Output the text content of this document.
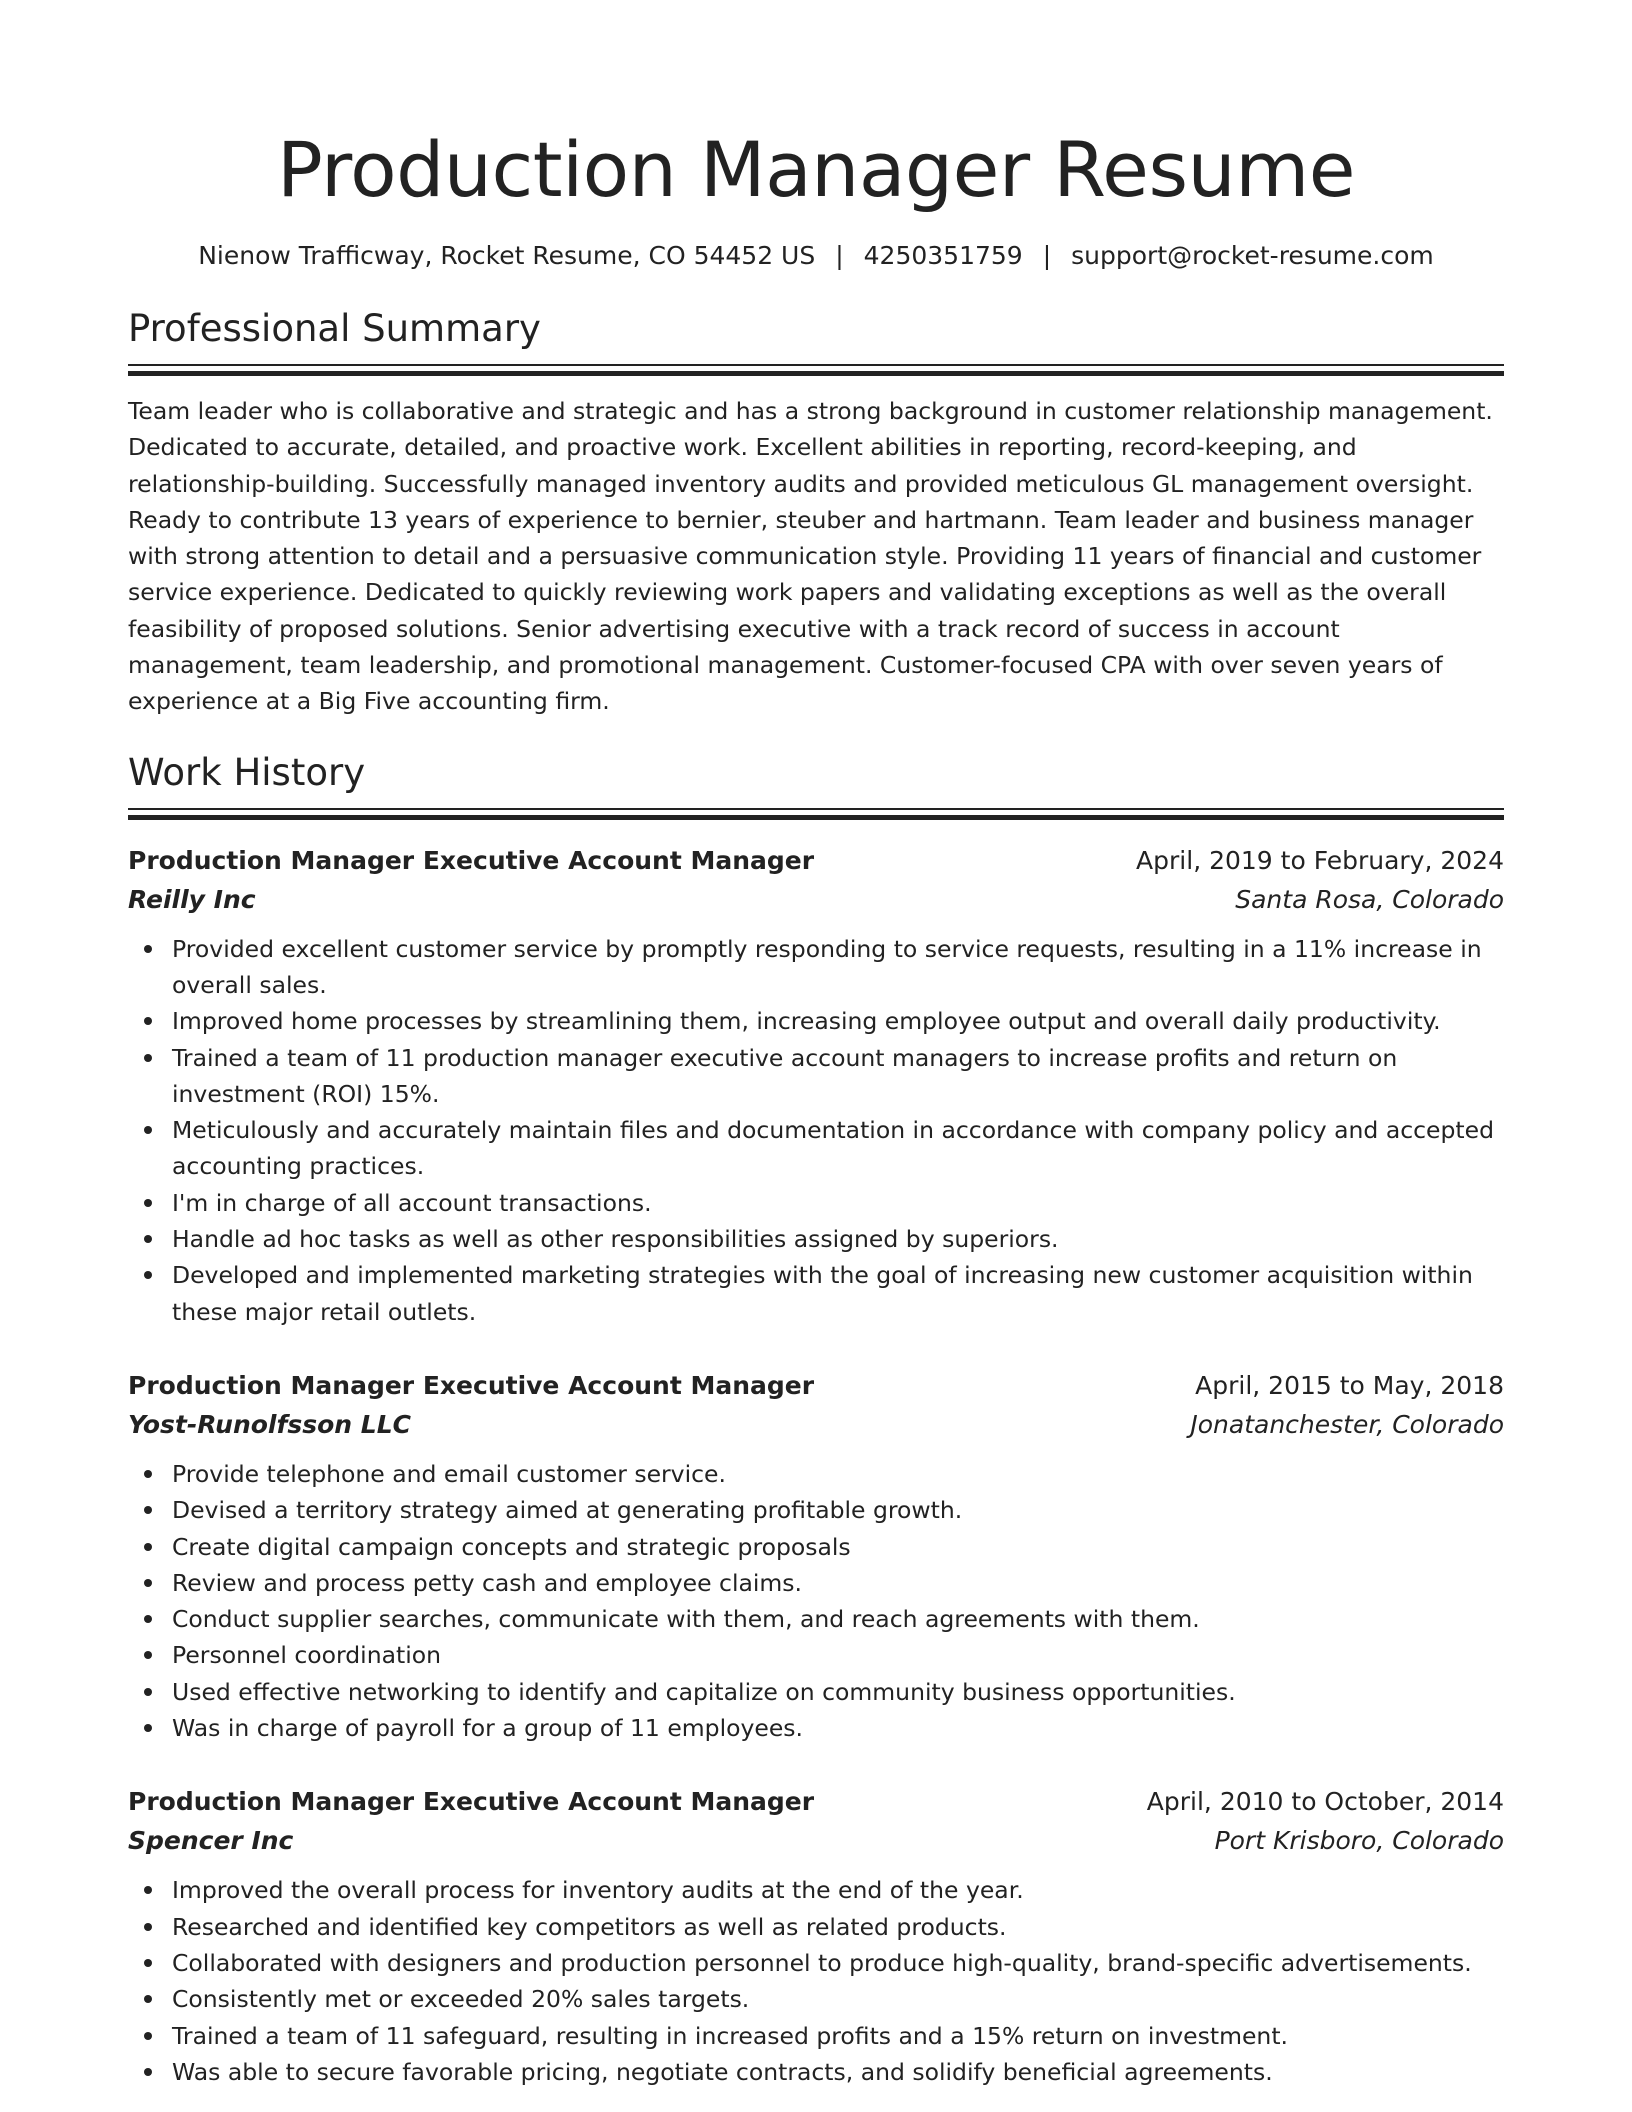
Production Manager Resume
Nienow Trafficway, Rocket Resume, CO 54452 US | 4250351759 | support@rocket-resume.com
Professional Summary

Team leader who is collaborative and strategic and has a strong background in customer relationship management. Dedicated to accurate, detailed, and proactive work. Excellent abilities in reporting, record-keeping, and relationship-building. Successfully managed inventory audits and provided meticulous GL management oversight. Ready to contribute 13 years of experience to bernier, steuber and hartmann. Team leader and business manager with strong attention to detail and a persuasive communication style. Providing 11 years of financial and customer service experience. Dedicated to quickly reviewing work papers and validating exceptions as well as the overall feasibility of proposed solutions. Senior advertising executive with a track record of success in account management, team leadership, and promotional management. Customer-focused CPA with over seven years of experience at a Big Five accounting firm.

Work History
Production Manager Executive Account Manager	April, 2019 to February, 2024
Reilly Inc	Santa Rosa, Colorado
Provided excellent customer service by promptly responding to service requests, resulting in a 11% increase in overall sales.
Improved home processes by streamlining them, increasing employee output and overall daily productivity.
Trained a team of 11 production manager executive account managers to increase profits and return on investment (ROI) 15%.
Meticulously and accurately maintain files and documentation in accordance with company policy and accepted accounting practices.
I'm in charge of all account transactions.
Handle ad hoc tasks as well as other responsibilities assigned by superiors.
Developed and implemented marketing strategies with the goal of increasing new customer acquisition within these major retail outlets.
Production Manager Executive Account Manager	April, 2015 to May, 2018
Yost-Runolfsson LLC	Jonatanchester, Colorado
Provide telephone and email customer service.
Devised a territory strategy aimed at generating profitable growth.
Create digital campaign concepts and strategic proposals
Review and process petty cash and employee claims.
Conduct supplier searches, communicate with them, and reach agreements with them.
Personnel coordination
Used effective networking to identify and capitalize on community business opportunities.
Was in charge of payroll for a group of 11 employees.
Production Manager Executive Account Manager	April, 2010 to October, 2014
Spencer Inc	Port Krisboro, Colorado
Improved the overall process for inventory audits at the end of the year.
Researched and identified key competitors as well as related products.
Collaborated with designers and production personnel to produce high-quality, brand-specific advertisements.
Consistently met or exceeded 20% sales targets.
Trained a team of 11 safeguard, resulting in increased profits and a 15% return on investment.
Was able to secure favorable pricing, negotiate contracts, and solidify beneficial agreements.
